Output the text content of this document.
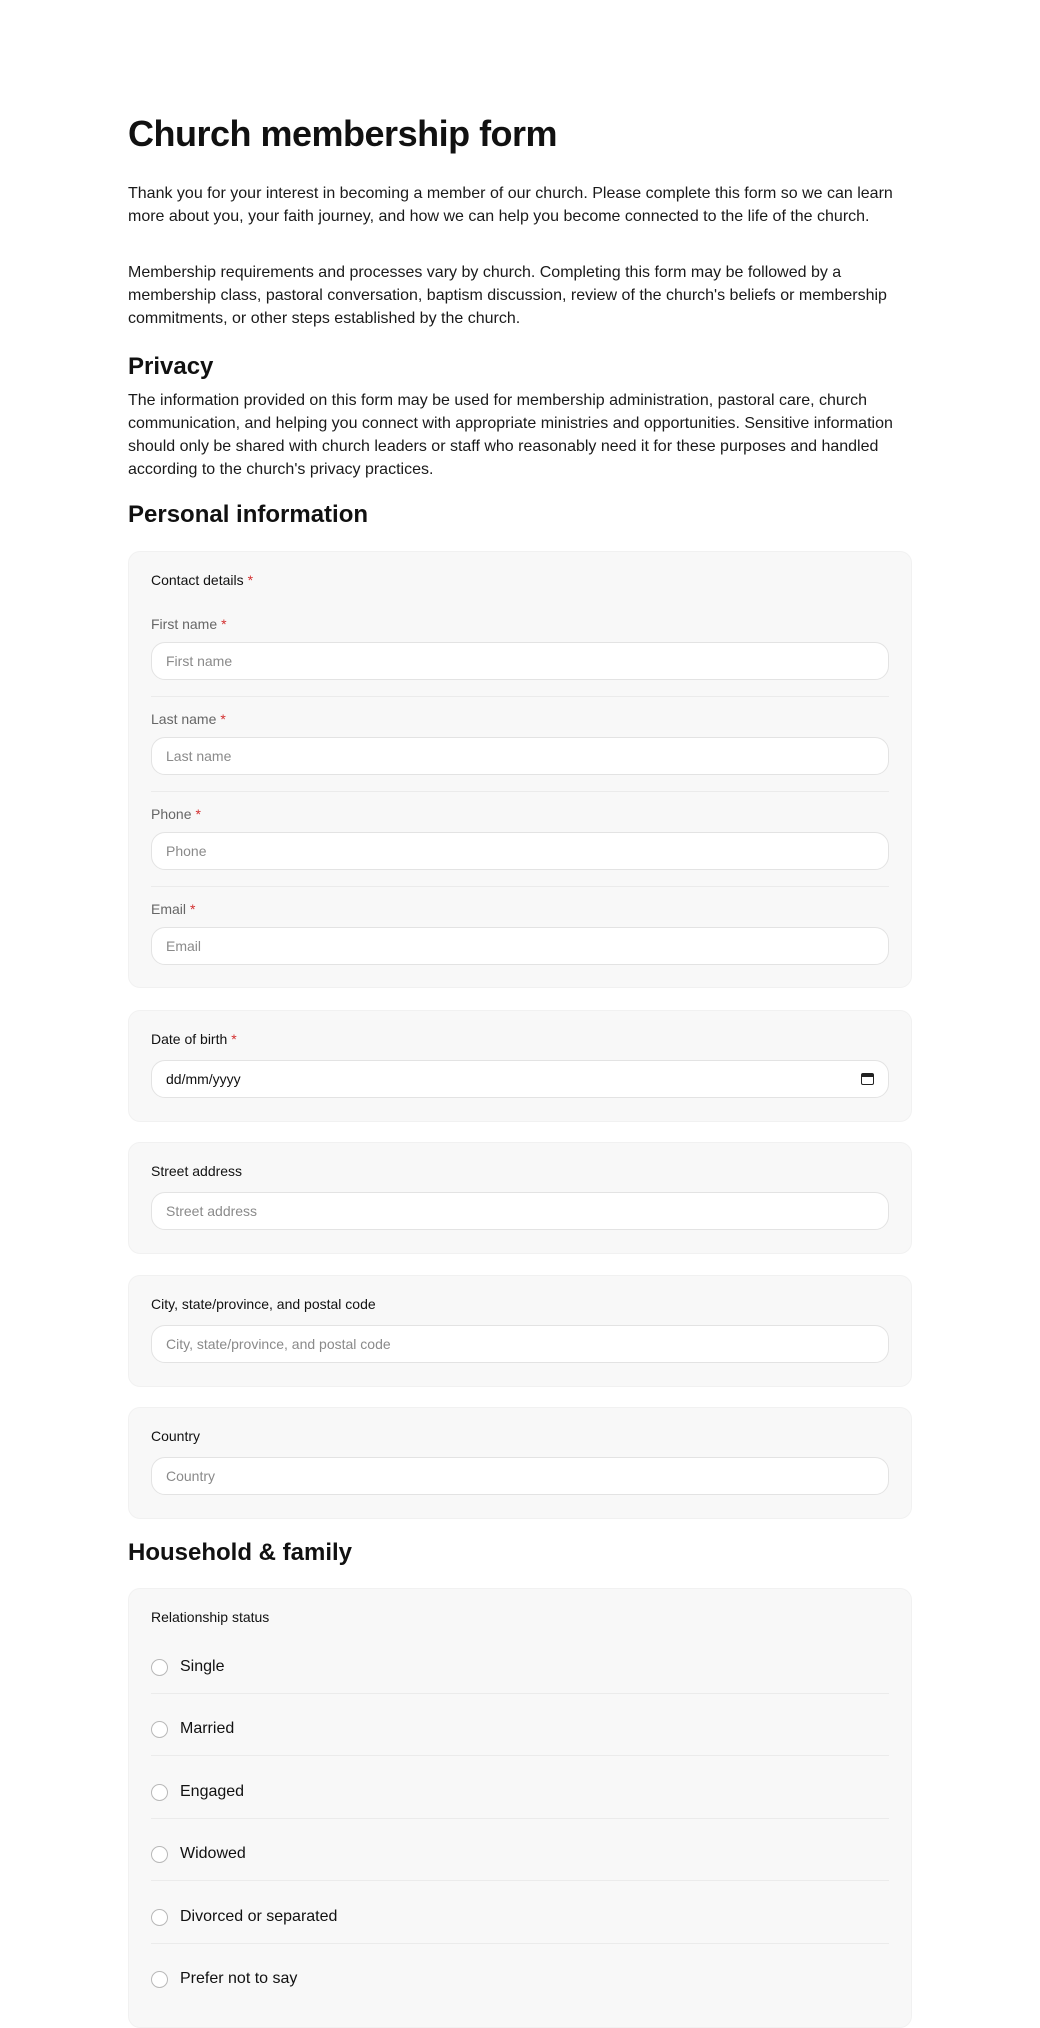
Church membership form

Thank you for your interest in becoming a member of our church. Please complete this form so we can learn more about you, your faith journey, and how we can help you become connected to the life of the church.

Membership requirements and processes vary by church. Completing this form may be followed by a membership class, pastoral conversation, baptism discussion, review of the church's beliefs or membership commitments, or other steps established by the church.

Privacy

The information provided on this form may be used for membership administration, pastoral care, church communication, and helping you connect with appropriate ministries and opportunities. Sensitive information should only be shared with church leaders or staff who reasonably need it for these purposes and handled according to the church's privacy practices.

Personal information
Contact details *
First name *
First name
Last name *
Last name
Phone *
Phone
Email *
Email
Date of birth *
dd/mm/yyyy
Street address
Street address
City, state/province, and postal code
City, state/province, and postal code
Country
Country
Household & family
Relationship status
Single
Married
Engaged
Widowed
Divorced or separated
Prefer not to say
